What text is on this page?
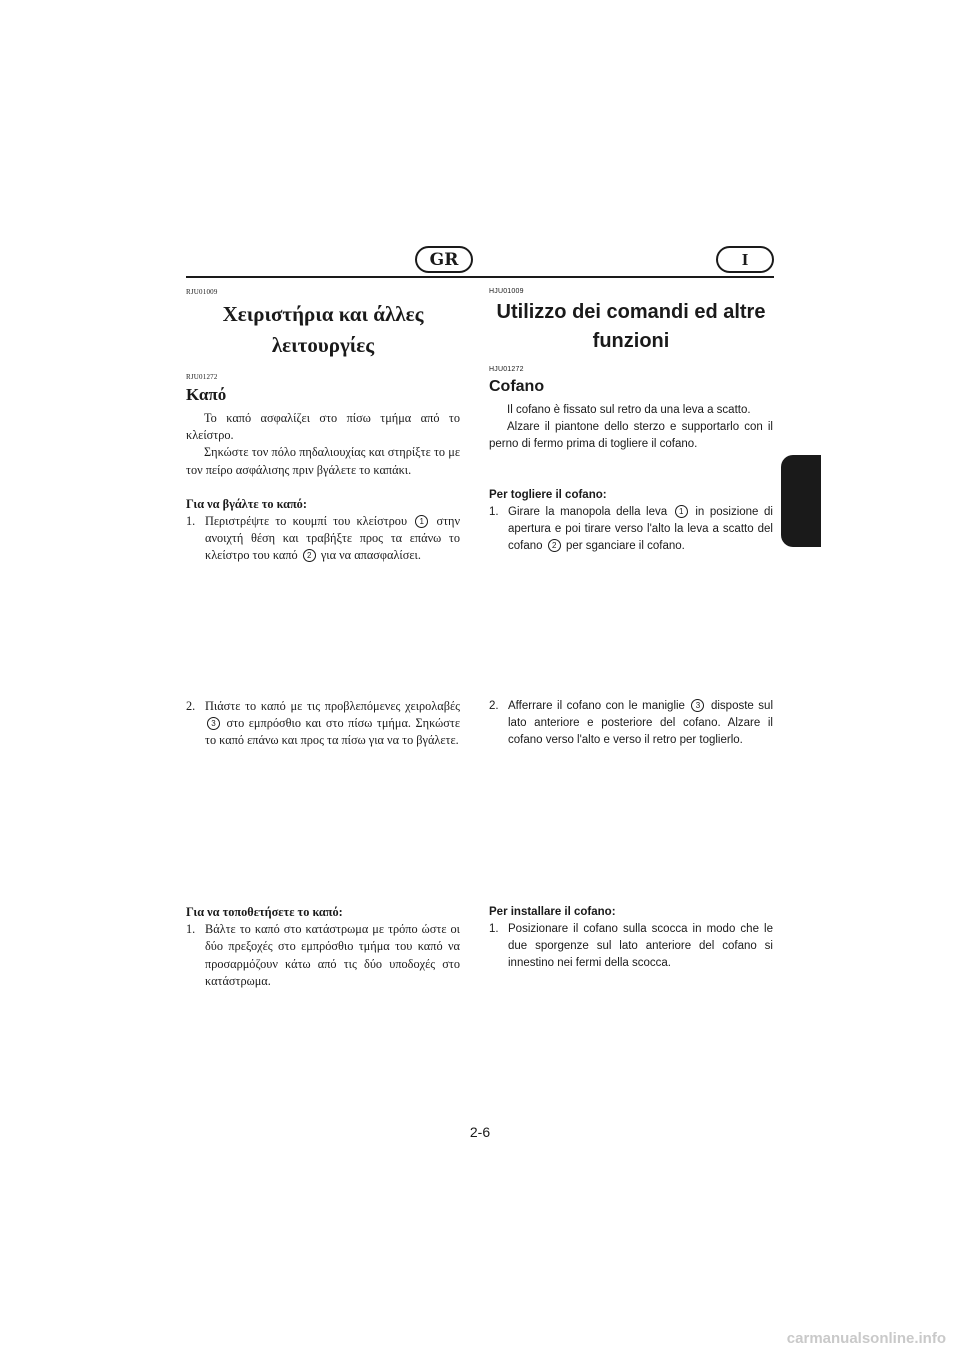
GR	I
RJU01009
Χειριστήρια και άλλες
λειτουργίες
RJU01272
Καπό

Το καπό ασφαλίζει στο πίσω τμήμα από το κλείστρο.

Σηκώστε τον πόλο πηδαλιουχίας και στηρίξτε το με τον πείρο ασφάλισης πριν βγάλετε το καπάκι.

Για να βγάλτε το καπό:

1. Περιστρέψτε το κουμπί του κλείστρου 1 στην ανοιχτή θέση και τραβήξτε προς τα επάνω το κλείστρο του καπό 2 για να απασφαλίσει.
2. Πιάστε το καπό με τις προβλεπόμενες χειρολαβές 3 στο εμπρόσθιο και στο πίσω τμήμα. Σηκώστε το καπό επάνω και προς τα πίσω για να το βγάλετε.

Για να τοποθετήσετε το καπό:

1. Βάλτε το καπό στο κατάστρωμα με τρόπο ώστε οι δύο πρεξοχές στο εμπρόσθιο τμήμα του καπό να προσαρμόζουν κάτω από τις δύο υποδοχές στο κατάστρωμα.
HJU01009
Utilizzo dei comandi ed altre
funzioni
HJU01272
Cofano

Il cofano è fissato sul retro da una leva a scatto.

Alzare il piantone dello sterzo e supportarlo con il perno di fermo prima di togliere il cofano.

Per togliere il cofano:

1. Girare la manopola della leva 1 in posizione di apertura e poi tirare verso l'alto la leva a scatto del cofano 2 per sganciare il cofano.
2. Afferrare il cofano con le maniglie 3 disposte sul lato anteriore e posteriore del cofano. Alzare il cofano verso l'alto e verso il retro per toglierlo.

Per installare il cofano:

1. Posizionare il cofano sulla scocca in modo che le due sporgenze sul lato anteriore del cofano si innestino nei fermi della scocca.
2-6
carmanualsonline.info
